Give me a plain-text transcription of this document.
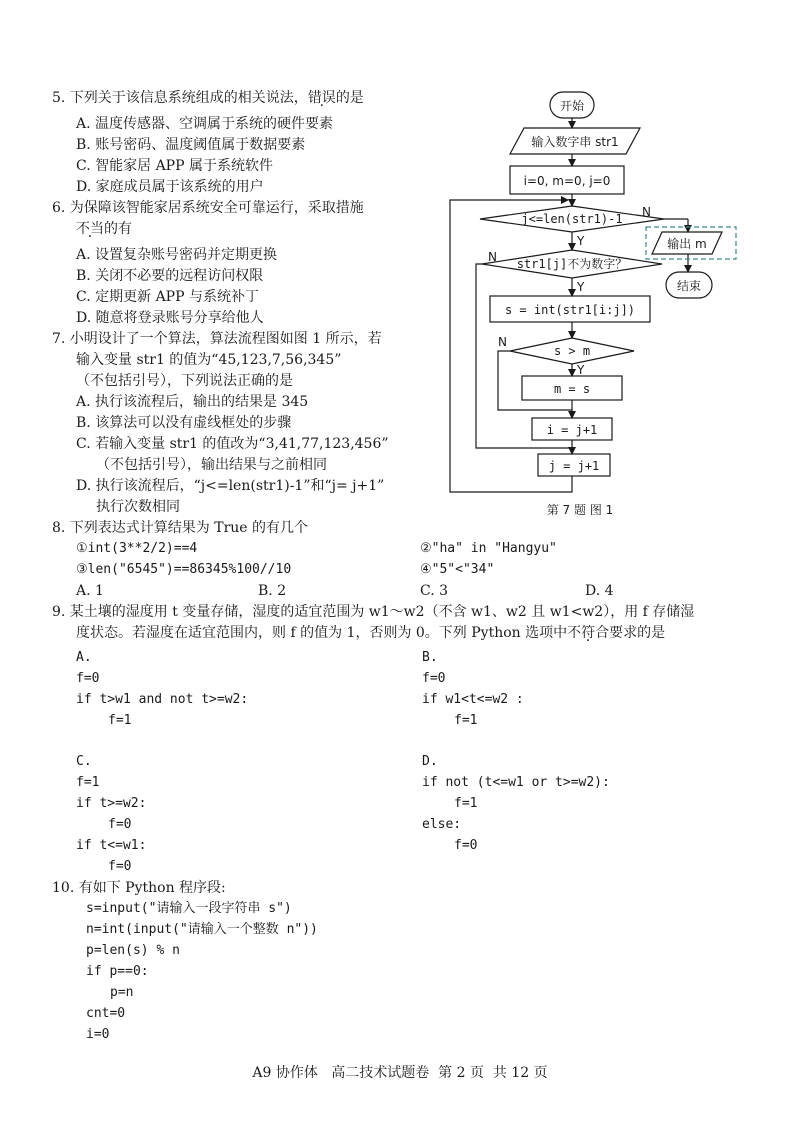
5. 下列关于该信息系统组成的相关说法，错误的是
A. 温度传感器、空调属于系统的硬件要素
B. 账号密码、温度阈值属于数据要素
C. 智能家居 APP 属于系统软件
D. 家庭成员属于该系统的用户
6. 为保障该智能家居系统安全可靠运行，采取措施
不当的有
A. 设置复杂账号密码并定期更换
B. 关闭不必要的远程访问权限
C. 定期更新 APP 与系统补丁
D. 随意将登录账号分享给他人
7. 小明设计了一个算法，算法流程图如图 1 所示，若
输入变量 str1 的值为“45,123,7,56,345”
（不包括引号），下列说法正确的是
A. 执行该流程后，输出的结果是 345
B. 该算法可以没有虚线框处的步骤
C. 若输入变量 str1 的值改为“3,41,77,123,456”
（不包括引号），输出结果与之前相同
D. 执行该流程后，“j<=len(str1)-1”和“j= j+1”
执行次数相同
开始
输入数字串 str1
i=0, m=0, j=0
j<=len(str1)-1
str1[j]不为数字？
s = int(str1[i:j])
s > m
m = s
i = j+1
j = j+1
输出 m
结束
N
Y
N
Y
N
Y
第 7 题 图 1
8. 下列表达式计算结果为 True 的有几个
①int(3**2/2)==4	②"ha" in "Hangyu"
③len("6545")==86345%100//10	④"5"<"34"
A. 1	B. 2	C. 3	D. 4
9. 某土壤的湿度用 t 变量存储，湿度的适宜范围为 w1～w2（不含 w1、w2 且 w1<w2），用 f 存储湿
度状态。若湿度在适宜范围内，则 f 的值为 1，否则为 0。下列 Python 选项中不符合要求的是
A.
f=0
if t>w1 and not t>=w2:
f=1
B.
f=0
if w1<t<=w2 :
f=1
C.
f=1
if t>=w2:
f=0
if t<=w1:
f=0
D.
if not (t<=w1 or t>=w2):
f=1
else:
f=0
10. 有如下 Python 程序段:
s=input("请输入一段字符串 s")
n=int(input("请输入一个整数 n"))
p=len(s) % n
if p==0:
p=n
cnt=0
i=0
A9 协作体   高二技术试题卷  第 2 页  共 12 页
